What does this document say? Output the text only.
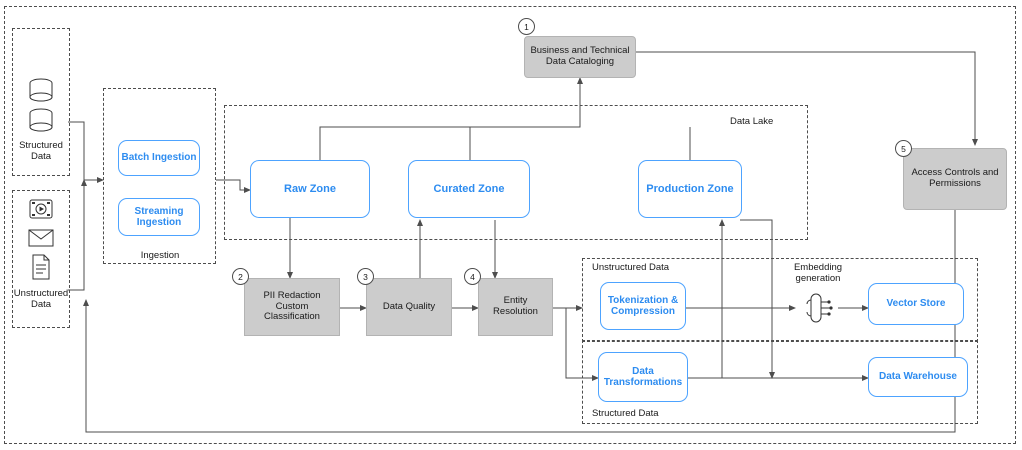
Structured
Data
Unstructured
Data
Batch Ingestion
Streaming
Ingestion
Ingestion
Data Lake
Raw Zone	Curated Zone	Production Zone
PII Redaction
Custom
Classification
2
Data Quality
3
Entity
Resolution
4
Unstructured Data
Tokenization &
Compression
Structured Data
Data
Transformations
Embedding
generation
Vector Store
Data Warehouse
Business and Technical
Data Cataloging
1
Access Controls and
Permissions
5
